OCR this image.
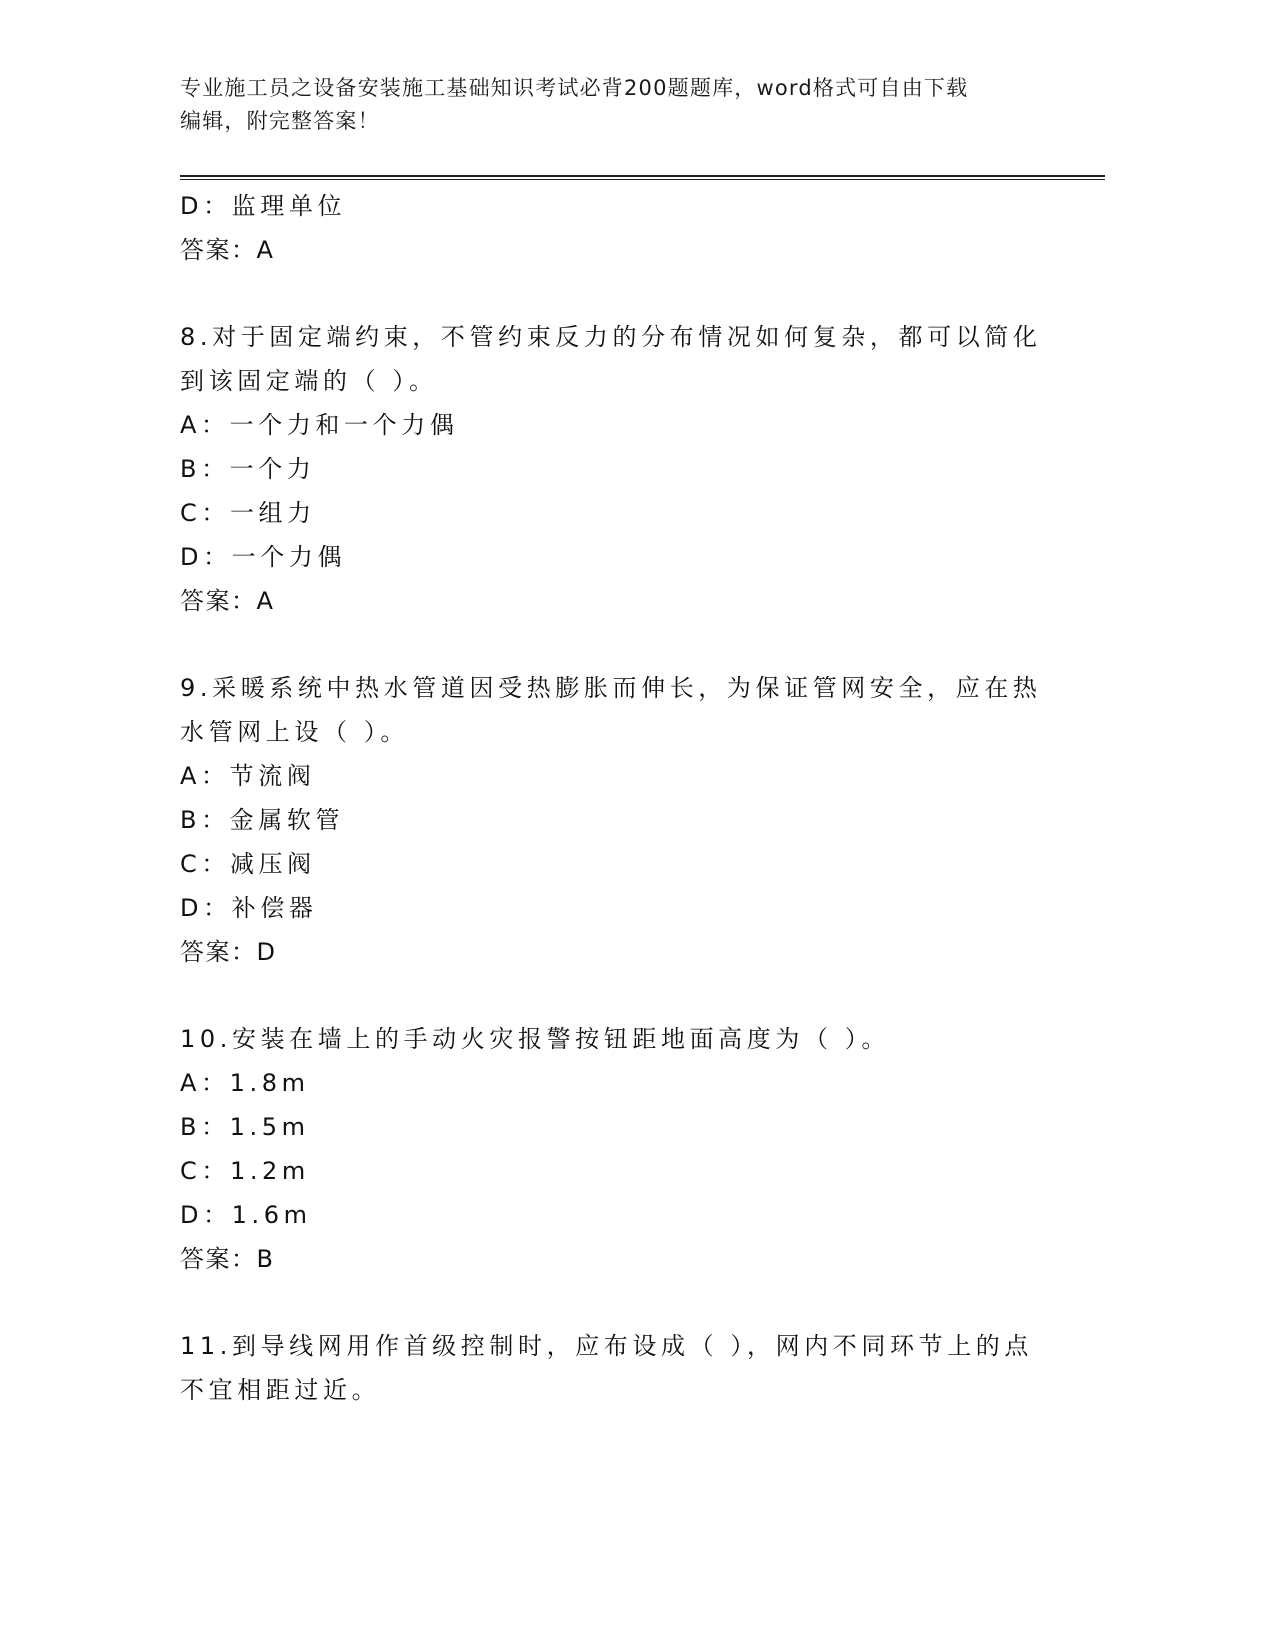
专业施工员之设备安装施工基础知识考试必背200题题库，word格式可自由下载
编辑，附完整答案！
D：监理单位
答案：A
8.对于固定端约束，不管约束反力的分布情况如何复杂，都可以简化
到该固定端的（ ）。
A：一个力和一个力偶
B：一个力
C：一组力
D：一个力偶
答案：A
9.采暖系统中热水管道因受热膨胀而伸长，为保证管网安全，应在热
水管网上设（ ）。
A：节流阀
B：金属软管
C：减压阀
D：补偿器
答案：D
10.安装在墙上的手动火灾报警按钮距地面高度为（ ）。
A：1.8m
B：1.5m
C：1.2m
D：1.6m
答案：B
11.到导线网用作首级控制时，应布设成（ ），网内不同环节上的点
不宜相距过近。
